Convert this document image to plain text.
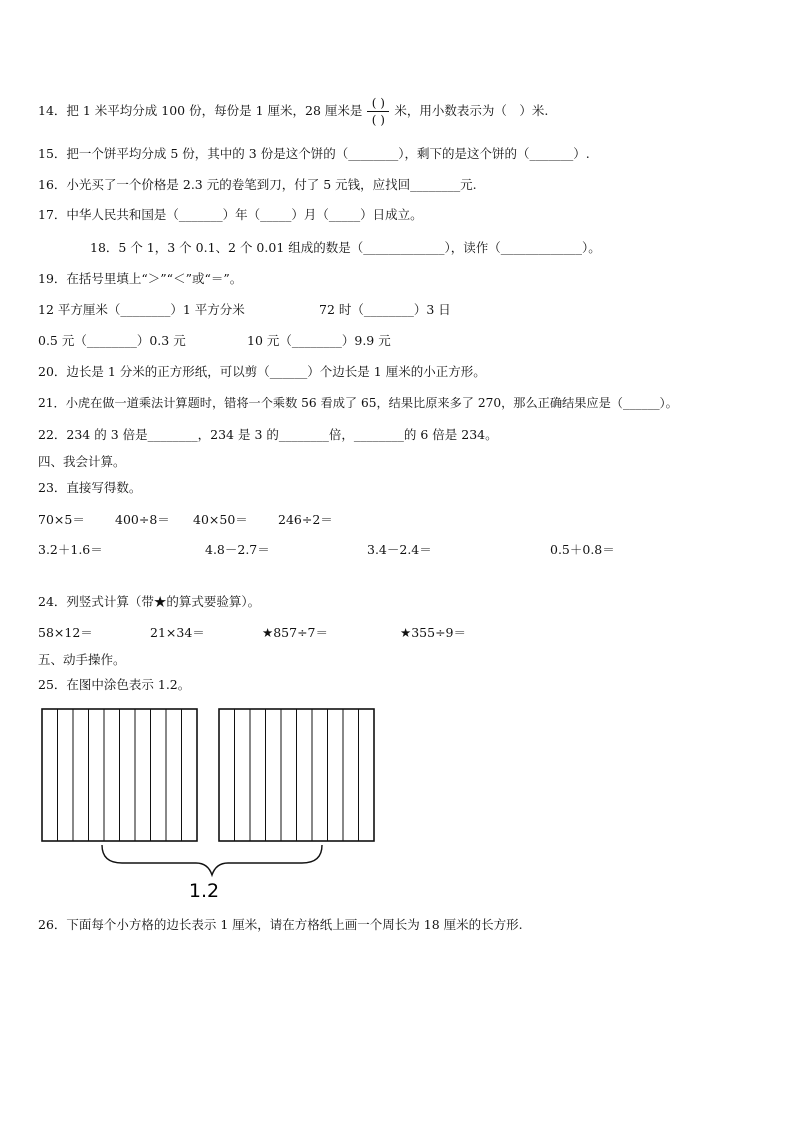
14．把 1 米平均分成 100 份，每份是 1 厘米，28 厘米是 $\frac{( )}{( )}$ 米，用小数表示为（　）米.
15．把一个饼平均分成 5 份，其中的 3 份是这个饼的（________），剩下的是这个饼的（_______）.
16．小光买了一个价格是 2.3 元的卷笔到刀，付了 5 元钱，应找回________元.
17．中华人民共和国是（_______）年（_____）月（_____）日成立。
18．5 个 1，3 个 0.1、2 个 0.01 组成的数是（_____________），读作（_____________）。
19．在括号里填上“＞”“＜”或“＝”。
12 平方厘米（________）1 平方分米	72 时（________）3 日
0.5 元（________）0.3 元	10 元（________）9.9 元
20．边长是 1 分米的正方形纸，可以剪（______）个边长是 1 厘米的小正方形。
21．小虎在做一道乘法计算题时，错将一个乘数 56 看成了 65，结果比原来多了 270，那么正确结果应是（______）。
22．234 的 3 倍是________，234 是 3 的________倍，________的 6 倍是 234。
四、我会计算。
23．直接写得数。
70×5＝ 400÷8＝ 40×50＝ 246÷2＝
3.2＋1.6＝	4.8－2.7＝	3.4－2.4＝	0.5＋0.8＝
24．列竖式计算（带★的算式要验算）。
58×12＝	21×34＝	★857÷7＝	★355÷9＝
五、动手操作。
25．在图中涂色表示 1.2。
1.2
26．下面每个小方格的边长表示 1 厘米，请在方格纸上画一个周长为 18 厘米的长方形.
